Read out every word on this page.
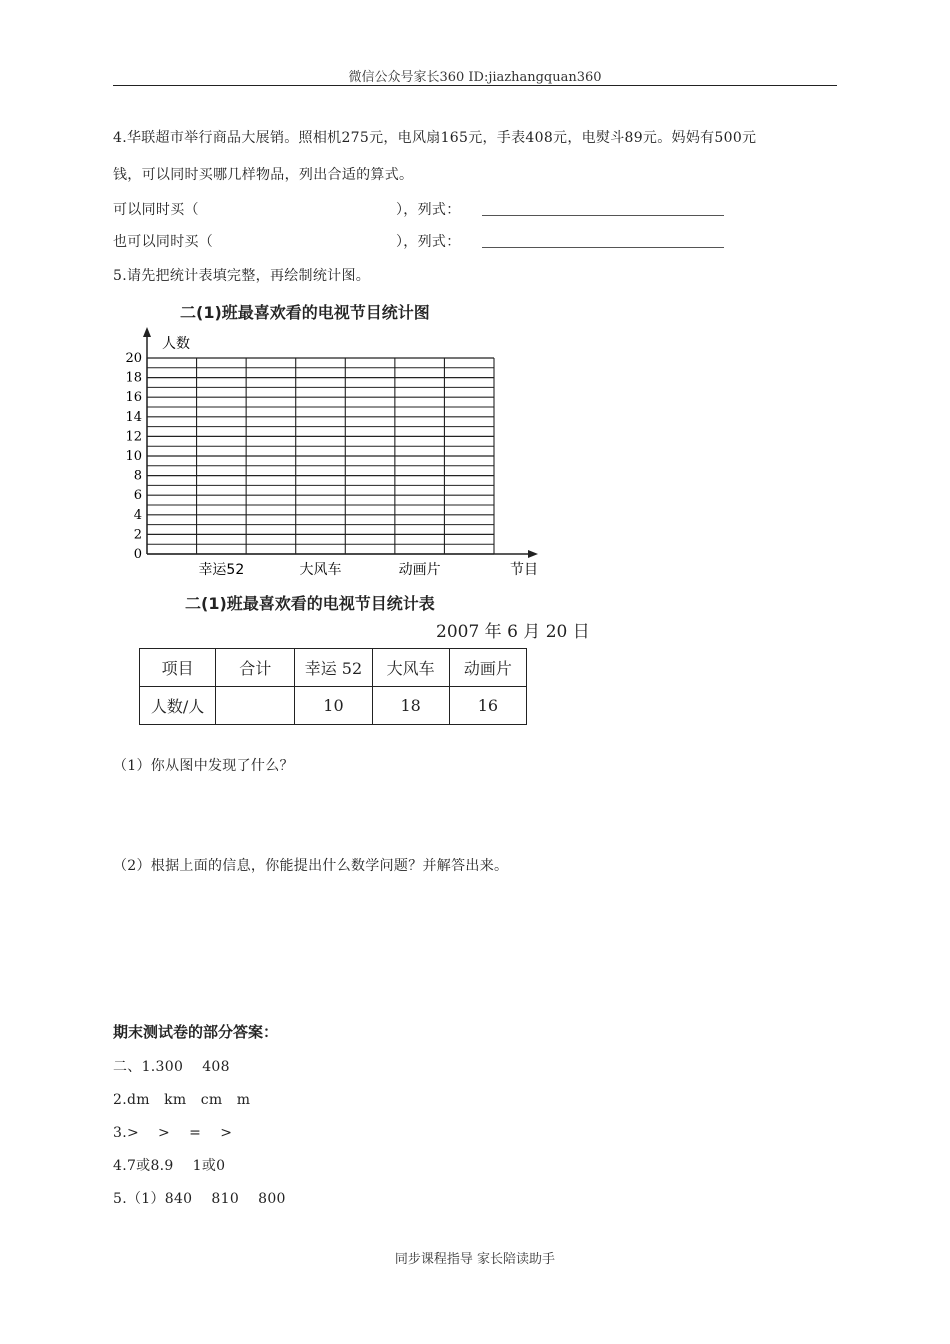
微信公众号家长360 ID:jiazhangquan360
4.华联超市举行商品大展销。照相机275元，电风扇165元，手表408元，电熨斗89元。妈妈有500元
钱，可以同时买哪几样物品，列出合适的算式。
可以同时买（	），列式：
也可以同时买（	），列式：
5.请先把统计表填完整，再绘制统计图。
二(1)班最喜欢看的电视节目统计图
0
2
4
6
8
10
12
14
16
18
20
人数
节目
幸运52	大风车	动画片
二(1)班最喜欢看的电视节目统计表
2007 年 6 月 20 日
项目	合计	幸运 52	大风车	动画片
人数/人		10	18	16
（1）你从图中发现了什么？
（2）根据上面的信息，你能提出什么数学问题？并解答出来。
期末测试卷的部分答案：
二、1.300　 408
2.dm　km　cm　m
3.>　 >　 =　 >
4.7或8.9　 1或0
5.（1）840　 810　 800
同步课程指导 家长陪读助手
